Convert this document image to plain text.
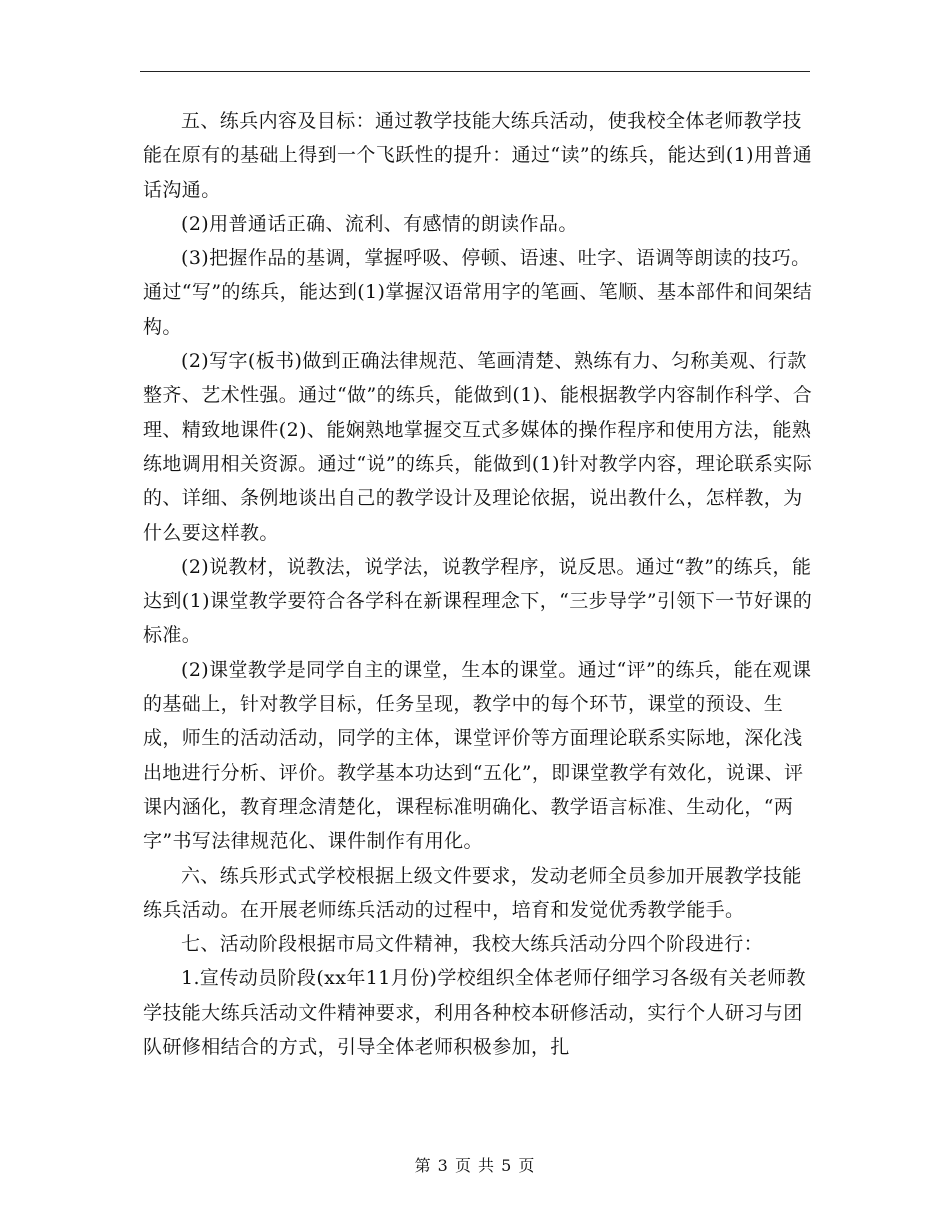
五、练兵内容及目标：通过教学技能大练兵活动，使我校全体老师教学技能在原有的基础上得到一个飞跃性的提升：通过“读”的练兵，能达到(1)用普通话沟通。

(2)用普通话正确、流利、有感情的朗读作品。

(3)把握作品的基调，掌握呼吸、停顿、语速、吐字、语调等朗读的技巧。通过“写”的练兵，能达到(1)掌握汉语常用字的笔画、笔顺、基本部件和间架结构。

(2)写字(板书)做到正确法律规范、笔画清楚、熟练有力、匀称美观、行款整齐、艺术性强。通过“做”的练兵，能做到(1)、能根据教学内容制作科学、合理、精致地课件(2)、能娴熟地掌握交互式多媒体的操作程序和使用方法，能熟练地调用相关资源。通过“说”的练兵，能做到(1)针对教学内容，理论联系实际的、详细、条例地谈出自己的教学设计及理论依据，说出教什么，怎样教，为什么要这样教。

(2)说教材，说教法，说学法，说教学程序，说反思。通过“教”的练兵，能达到(1)课堂教学要符合各学科在新课程理念下，“三步导学”引领下一节好课的标准。

(2)课堂教学是同学自主的课堂，生本的课堂。通过“评”的练兵，能在观课的基础上，针对教学目标，任务呈现，教学中的每个环节，课堂的预设、生成，师生的活动活动，同学的主体，课堂评价等方面理论联系实际地，深化浅出地进行分析、评价。教学基本功达到“五化”，即课堂教学有效化，说课、评课内涵化，教育理念清楚化，课程标准明确化、教学语言标准、生动化，“两字”书写法律规范化、课件制作有用化。

六、练兵形式式学校根据上级文件要求，发动老师全员参加开展教学技能练兵活动。在开展老师练兵活动的过程中，培育和发觉优秀教学能手。

七、活动阶段根据市局文件精神，我校大练兵活动分四个阶段进行：

1.宣传动员阶段(xx年11月份)学校组织全体老师仔细学习各级有关老师教学技能大练兵活动文件精神要求，利用各种校本研修活动，实行个人研习与团队研修相结合的方式，引导全体老师积极参加，扎

第 3 页 共 5 页
